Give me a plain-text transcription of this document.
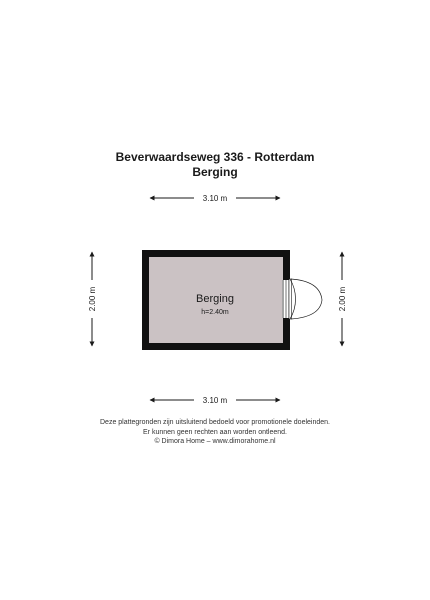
Beverwaardseweg 336 - Rotterdam
Berging
3.10 m
3.10 m
2.00 m	2.00 m
Berging
h=2.40m
Deze plattegronden zijn uitsluitend bedoeld voor promotionele doeleinden.
Er kunnen geen rechten aan worden ontleend.
© Dimora Home – www.dimorahome.nl
